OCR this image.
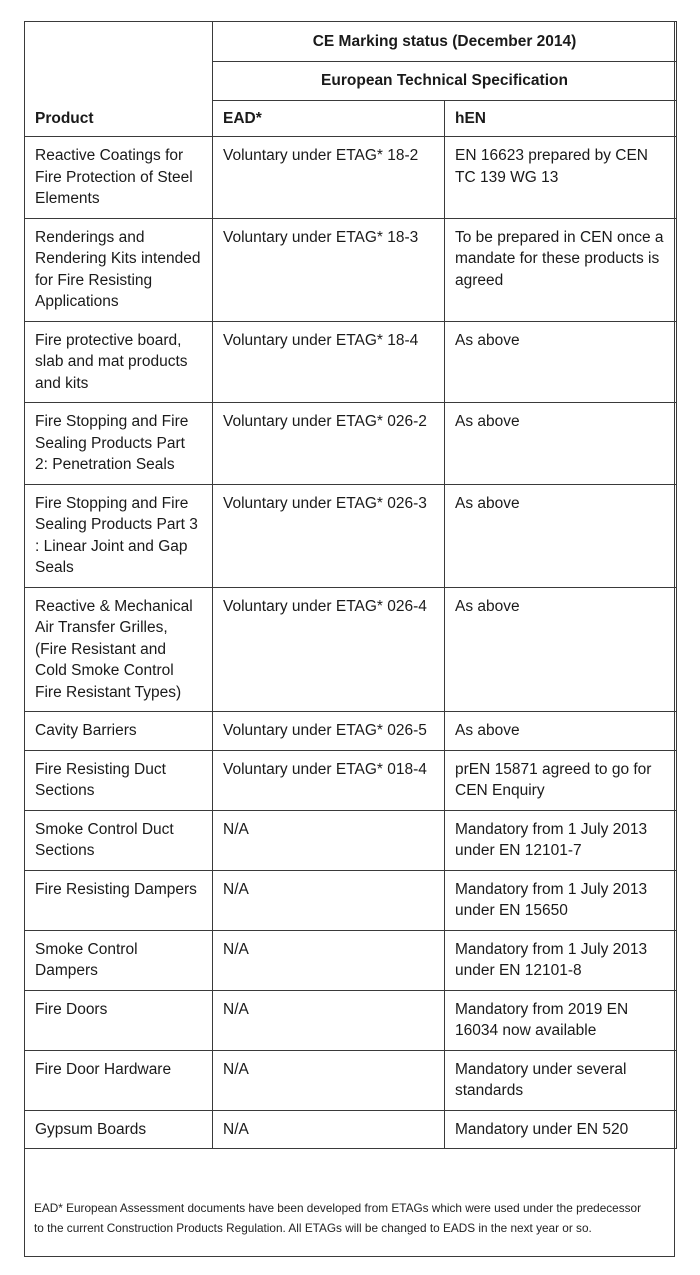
Product	CE Marking status (December 2014)	
	European Technical Specification	
	EAD*	hEN
Reactive Coatings for Fire Protection of Steel Elements	Voluntary under ETAG* 18-2	EN 16623 prepared by CEN TC 139 WG 13
Renderings and Rendering Kits intended for Fire Resisting Applications	Voluntary under ETAG* 18-3	To be prepared in CEN once a mandate for these products is agreed
Fire protective board, slab and mat products and kits	Voluntary under ETAG* 18-4	As above
Fire Stopping and Fire Sealing Products Part 2: Penetration Seals	Voluntary under ETAG* 026-2	As above
Fire Stopping and Fire Sealing Products Part 3 : Linear Joint and Gap Seals	Voluntary under ETAG* 026-3	As above
Reactive & Mechanical Air Transfer Grilles, (Fire Resistant and Cold Smoke Control Fire Resistant Types)	Voluntary under ETAG* 026-4	As above
Cavity Barriers	Voluntary under ETAG* 026-5	As above
Fire Resisting Duct Sections	Voluntary under ETAG* 018-4	prEN 15871 agreed to go for CEN Enquiry
Smoke Control Duct Sections	N/A	Mandatory from 1 July 2013 under EN 12101-7
Fire Resisting Dampers	N/A	Mandatory from 1 July 2013 under EN 15650
Smoke Control Dampers	N/A	Mandatory from 1 July 2013 under EN 12101-8
Fire Doors	N/A	Mandatory from 2019 EN 16034 now available
Fire Door Hardware	N/A	Mandatory under several standards
Gypsum Boards	N/A	Mandatory under EN 520
EAD* European Assessment documents have been developed from ETAGs which were used under the predecessor
to the current Construction Products Regulation. All ETAGs will be changed to EADS in the next year or so.
